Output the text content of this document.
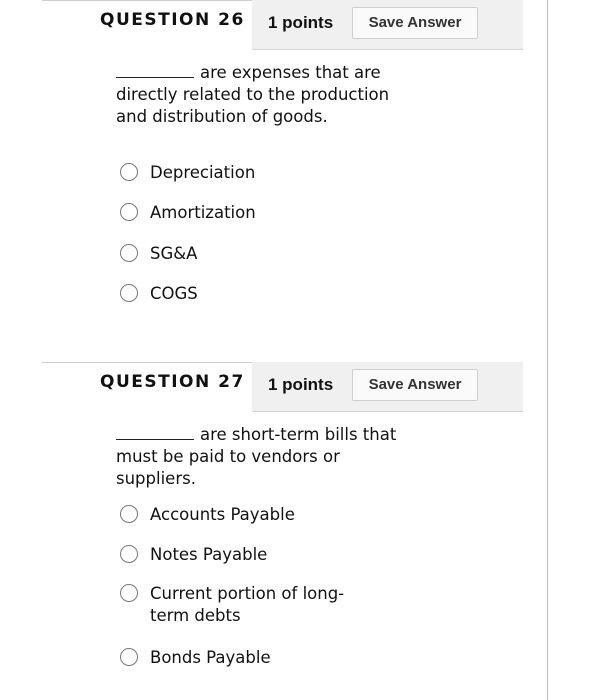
QUESTION 26 1 points	Save Answer
are expenses that are directly related to the production and distribution of goods.
Depreciation
Amortization
SG&A
COGS
QUESTION 27 1 points	Save Answer
are short-term bills that must be paid to vendors or suppliers.
Accounts Payable
Notes Payable
Current portion of long-term debts
Bonds Payable
